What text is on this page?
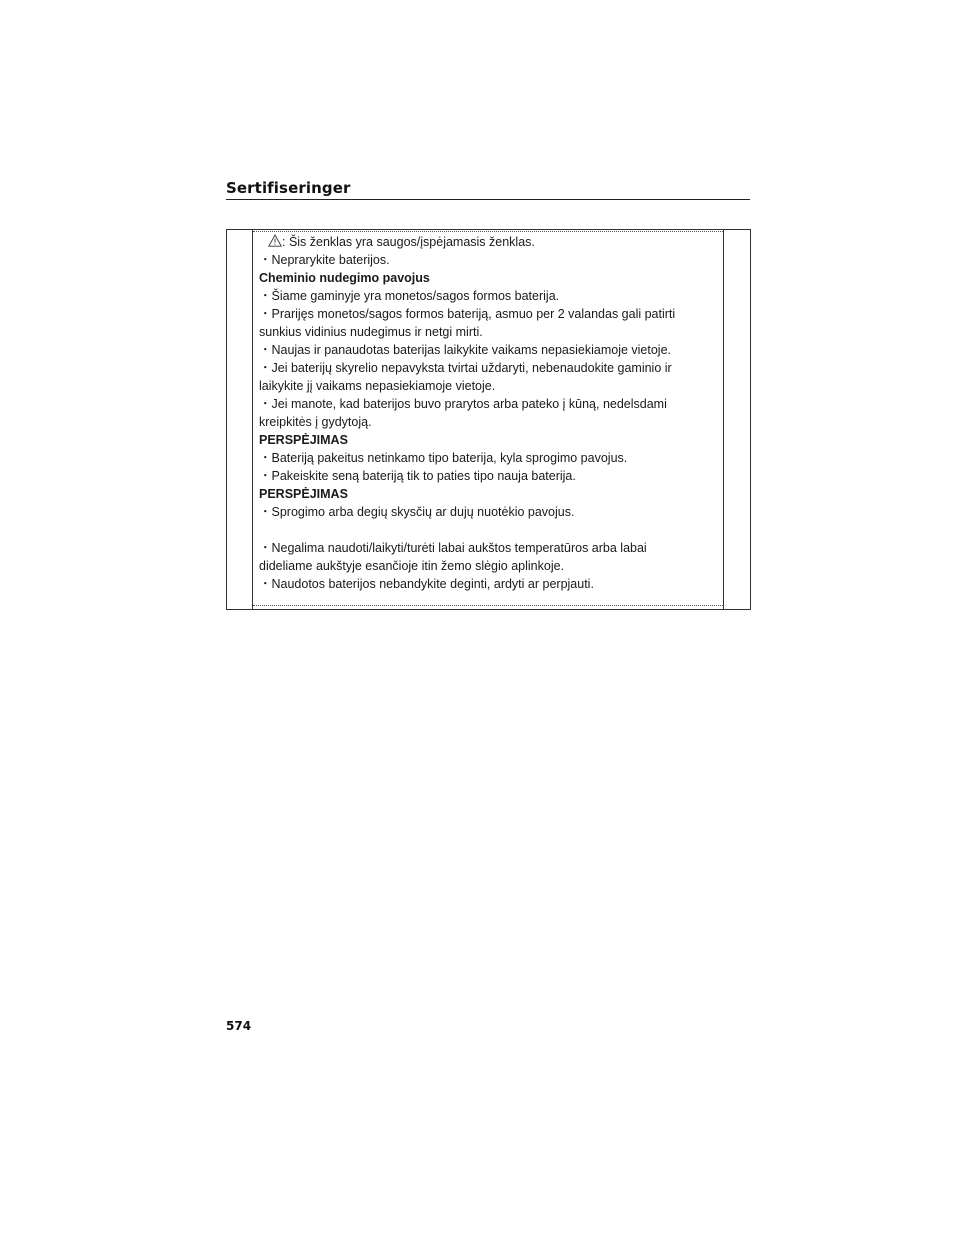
Sertifiseringer
: Šis ženklas yra saugos/įspėjamasis ženklas.
・Neprarykite baterijos.
Cheminio nudegimo pavojus
・Šiame gaminyje yra monetos/sagos formos baterija.
・Prarijęs monetos/sagos formos bateriją, asmuo per 2 valandas gali patirti
sunkius vidinius nudegimus ir netgi mirti.
・Naujas ir panaudotas baterijas laikykite vaikams nepasiekiamoje vietoje.
・Jei baterijų skyrelio nepavyksta tvirtai uždaryti, nebenaudokite gaminio ir
laikykite jį vaikams nepasiekiamoje vietoje.
・Jei manote, kad baterijos buvo prarytos arba pateko į kūną, nedelsdami
kreipkitės į gydytoją.
PERSPĖJIMAS
・Bateriją pakeitus netinkamo tipo baterija, kyla sprogimo pavojus.
・Pakeiskite seną bateriją tik to paties tipo nauja baterija.
PERSPĖJIMAS
・Sprogimo arba degių skysčių ar dujų nuotėkio pavojus.
・Negalima naudoti/laikyti/turėti labai aukštos temperatūros arba labai
dideliame aukštyje esančioje itin žemo slėgio aplinkoje.
・Naudotos baterijos nebandykite deginti, ardyti ar perpjauti.
574
